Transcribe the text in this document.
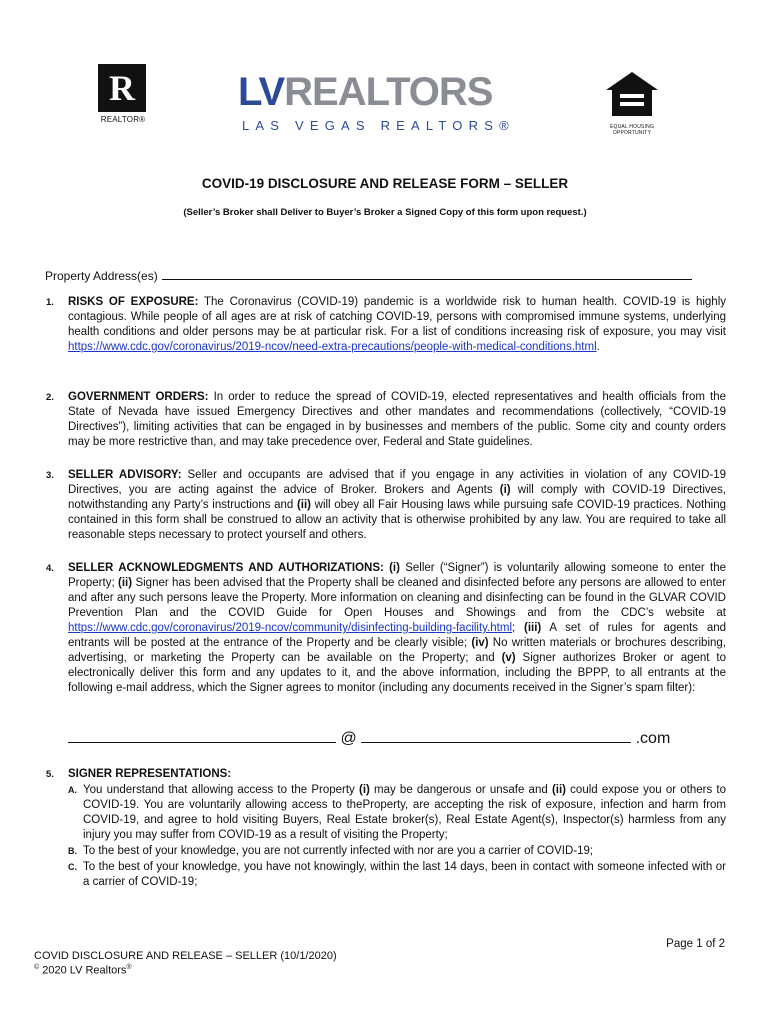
R
REALTOR®
LVREALTORS
LAS VEGAS REALTORS®	EQUAL HOUSING OPPORTUNITY
COVID-19 DISCLOSURE AND RELEASE FORM – SELLER
(Seller’s Broker shall Deliver to Buyer’s Broker a Signed Copy of this form upon request.)
Property Address(es)
1. RISKS OF EXPOSURE: The Coronavirus (COVID-19) pandemic is a worldwide risk to human health. COVID-19 is highly contagious. While people of all ages are at risk of catching COVID-19, persons with compromised immune systems, underlying health conditions and older persons may be at particular risk. For a list of conditions increasing risk of exposure, you may visit https://www.cdc.gov/coronavirus/2019-ncov/need-extra-precautions/people-with-medical-conditions.html.
2. GOVERNMENT ORDERS: In order to reduce the spread of COVID-19, elected representatives and health officials from the State of Nevada have issued Emergency Directives and other mandates and recommendations (collectively, “COVID-19 Directives”), limiting activities that can be engaged in by businesses and members of the public. Some city and county orders may be more restrictive than, and may take precedence over, Federal and State guidelines.
3. SELLER ADVISORY: Seller and occupants are advised that if you engage in any activities in violation of any COVID-19 Directives, you are acting against the advice of Broker. Brokers and Agents (i) will comply with COVID-19 Directives, notwithstanding any Party’s instructions and (ii) will obey all Fair Housing laws while pursuing safe COVID-19 practices. Nothing contained in this form shall be construed to allow an activity that is otherwise prohibited by any law. You are required to take all reasonable steps necessary to protect yourself and others.
4. SELLER ACKNOWLEDGMENTS AND AUTHORIZATIONS: (i) Seller (“Signer”) is voluntarily allowing someone to enter the Property; (ii) Signer has been advised that the Property shall be cleaned and disinfected before any persons are allowed to enter and after any such persons leave the Property. More information on cleaning and disinfecting can be found in the GLVAR COVID Prevention Plan and the COVID Guide for Open Houses and Showings and from the CDC’s website at https://www.cdc.gov/coronavirus/2019-ncov/community/disinfecting-building-facility.html; (iii) A set of rules for agents and entrants will be posted at the entrance of the Property and be clearly visible; (iv) No written materials or brochures describing, advertising, or marketing the Property can be available on the Property; and (v) Signer authorizes Broker or agent to electronically deliver this form and any updates to it, and the above information, including the BPPP, to all entrants at the following e-mail address, which the Signer agrees to monitor (including any documents received in the Signer’s spam filter):
@	.com
5. SIGNER REPRESENTATIONS:
A. You understand that allowing access to the Property (i) may be dangerous or unsafe and (ii) could expose you or others to COVID-19. You are voluntarily allowing access to theProperty, are accepting the risk of exposure, infection and harm from COVID-19, and agree to hold visiting Buyers, Real Estate broker(s), Real Estate Agent(s), Inspector(s) harmless from any injury you may suffer from COVID-19 as a result of visiting the Property;
B. To the best of your knowledge, you are not currently infected with nor are you a carrier of COVID-19;
C. To the best of your knowledge, you have not knowingly, within the last 14 days, been in contact with someone infected with or a carrier of COVID-19;
Page 1 of 2
COVID DISCLOSURE AND RELEASE – SELLER (10/1/2020)
© 2020 LV Realtors®
